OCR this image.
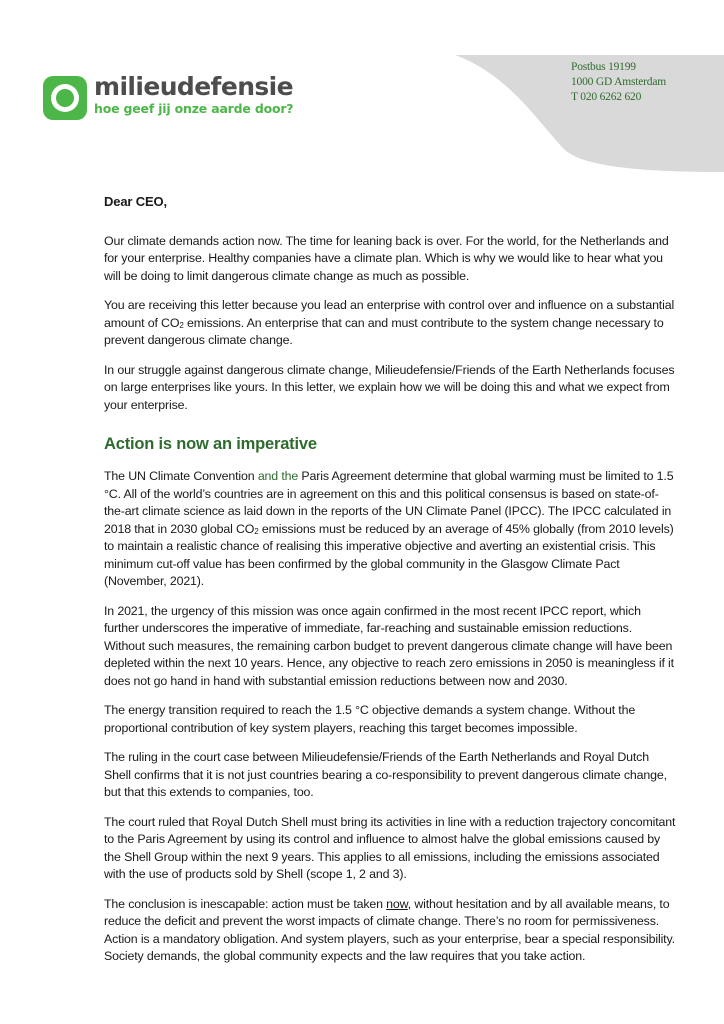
Postbus 19199
1000 GD Amsterdam
T 020 6262 620
milieudefensie
hoe geef jij onze aarde door?

Dear CEO,

Our climate demands action now. The time for leaning back is over. For the world, for the Netherlands and for your enterprise. Healthy companies have a climate plan. Which is why we would like to hear what you will be doing to limit dangerous climate change as much as possible.

You are receiving this letter because you lead an enterprise with control over and influence on a substantial amount of $CO_2$ emissions. An enterprise that can and must contribute to the system change necessary to prevent dangerous climate change.

In our struggle against dangerous climate change, Milieudefensie/Friends of the Earth Netherlands focuses on large enterprises like yours. In this letter, we explain how we will be doing this and what we expect from your enterprise.

Action is now an imperative

The UN Climate Convention and the Paris Agreement determine that global warming must be limited to 1.5 °C. All of the world’s countries are in agreement on this and this political consensus is based on state-of-the-art climate science as laid down in the reports of the UN Climate Panel (IPCC). The IPCC calculated in 2018 that in 2030 global $CO_2$ emissions must be reduced by an average of 45% globally (from 2010 levels) to maintain a realistic chance of realising this imperative objective and averting an existential crisis. This minimum cut-off value has been confirmed by the global community in the Glasgow Climate Pact (November, 2021).

In 2021, the urgency of this mission was once again confirmed in the most recent IPCC report, which further underscores the imperative of immediate, far-reaching and sustainable emission reductions. Without such measures, the remaining carbon budget to prevent dangerous climate change will have been depleted within the next 10 years. Hence, any objective to reach zero emissions in 2050 is meaningless if it does not go hand in hand with substantial emission reductions between now and 2030.

The energy transition required to reach the 1.5 °C objective demands a system change. Without the proportional contribution of key system players, reaching this target becomes impossible.

The ruling in the court case between Milieudefensie/Friends of the Earth Netherlands and Royal Dutch Shell confirms that it is not just countries bearing a co-responsibility to prevent dangerous climate change, but that this extends to companies, too.

The court ruled that Royal Dutch Shell must bring its activities in line with a reduction trajectory concomitant to the Paris Agreement by using its control and influence to almost halve the global emissions caused by the Shell Group within the next 9 years. This applies to all emissions, including the emissions associated with the use of products sold by Shell (scope 1, 2 and 3).

The conclusion is inescapable: action must be taken now, without hesitation and by all available means, to reduce the deficit and prevent the worst impacts of climate change. There’s no room for permissiveness. Action is a mandatory obligation. And system players, such as your enterprise, bear a special responsibility. Society demands, the global community expects and the law requires that you take action.
